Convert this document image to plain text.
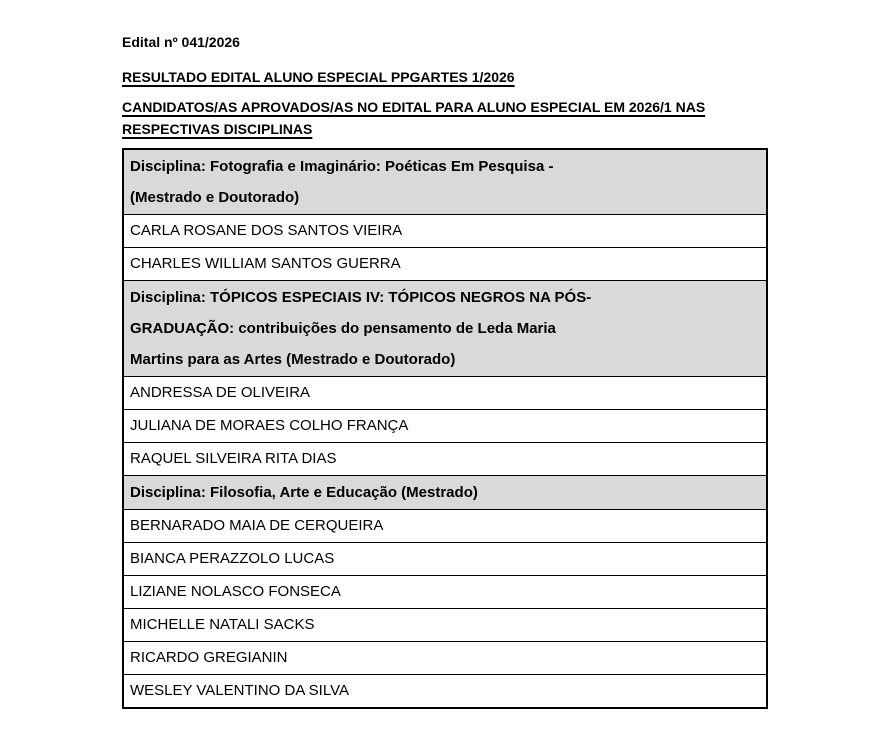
Edital nº 041/2026

RESULTADO EDITAL ALUNO ESPECIAL PPGARTES 1/2026

CANDIDATOS/AS APROVADOS/AS NO EDITAL PARA ALUNO ESPECIAL EM 2026/1 NAS
RESPECTIVAS DISCIPLINAS

Disciplina: Fotografia e Imaginário: Poéticas Em Pesquisa -
(Mestrado e Doutorado)

CARLA ROSANE DOS SANTOS VIEIRA
CHARLES WILLIAM SANTOS GUERRA

Disciplina: TÓPICOS ESPECIAIS IV: TÓPICOS NEGROS NA PÓS-
GRADUAÇÃO: contribuições do pensamento de Leda Maria
Martins para as Artes (Mestrado e Doutorado)

ANDRESSA DE OLIVEIRA
JULIANA DE MORAES COLHO FRANÇA
RAQUEL SILVEIRA RITA DIAS

Disciplina: Filosofia, Arte e Educação (Mestrado)

BERNARADO MAIA DE CERQUEIRA
BIANCA PERAZZOLO LUCAS
LIZIANE NOLASCO FONSECA
MICHELLE NATALI SACKS
RICARDO GREGIANIN
WESLEY VALENTINO DA SILVA
